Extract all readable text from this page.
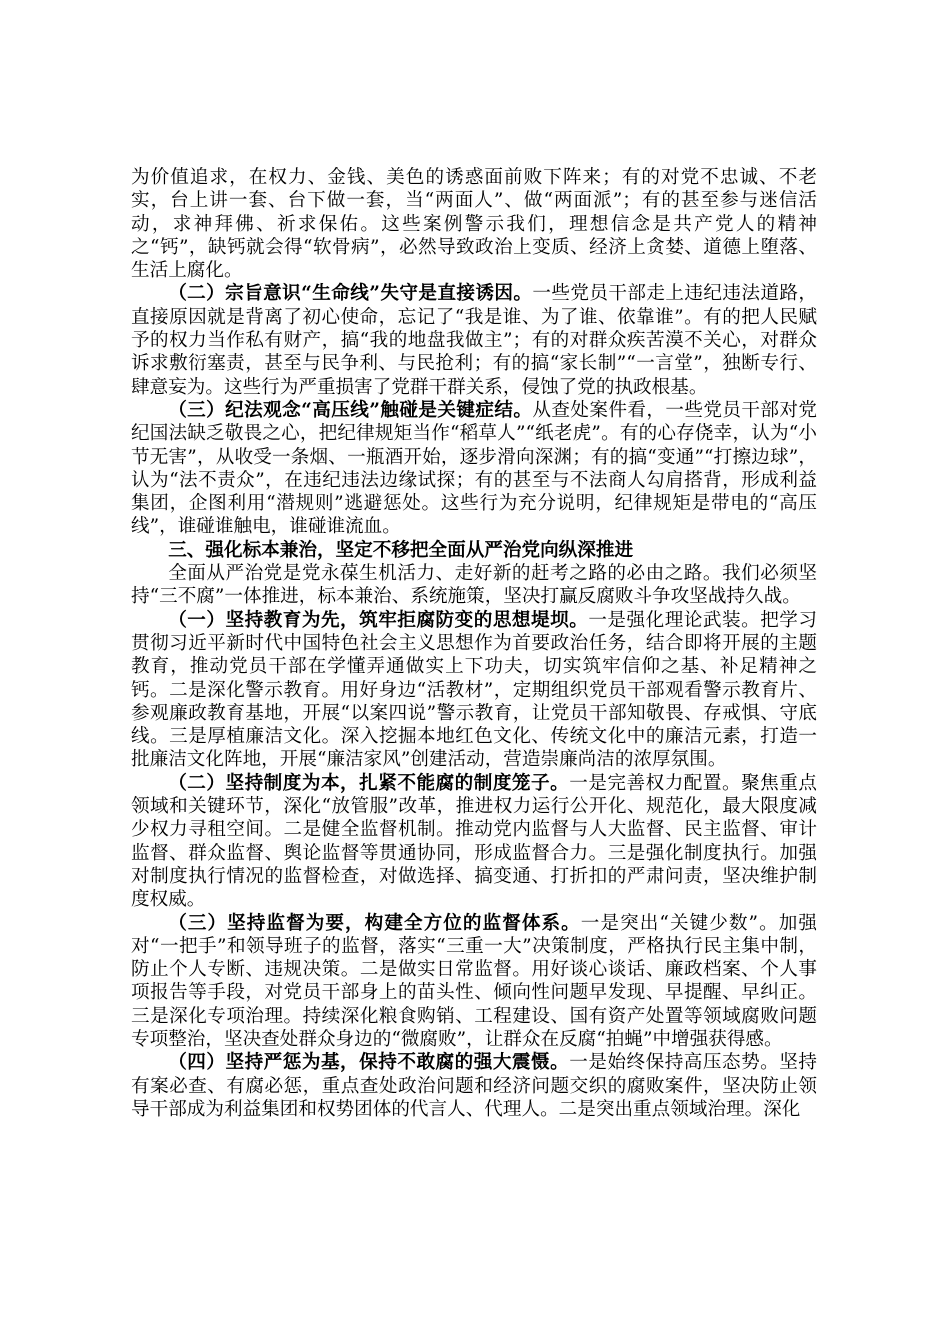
为价值追求，在权力、金钱、美色的诱惑面前败下阵来；有的对党不忠诚、不老实，台上讲一套、台下做一套，当“两面人”、做“两面派”；有的甚至参与迷信活动，求神拜佛、祈求保佑。这些案例警示我们，理想信念是共产党人的精神之“钙”，缺钙就会得“软骨病”，必然导致政治上变质、经济上贪婪、道德上堕落、生活上腐化。

（二）宗旨意识“生命线”失守是直接诱因。一些党员干部走上违纪违法道路，直接原因就是背离了初心使命，忘记了“我是谁、为了谁、依靠谁”。有的把人民赋予的权力当作私有财产，搞“我的地盘我做主”；有的对群众疾苦漠不关心，对群众诉求敷衍塞责，甚至与民争利、与民抢利；有的搞“家长制”“一言堂”，独断专行、肆意妄为。这些行为严重损害了党群干群关系，侵蚀了党的执政根基。

（三）纪法观念“高压线”触碰是关键症结。从查处案件看，一些党员干部对党纪国法缺乏敬畏之心，把纪律规矩当作“稻草人”“纸老虎”。有的心存侥幸，认为“小节无害”，从收受一条烟、一瓶酒开始，逐步滑向深渊；有的搞“变通”“打擦边球”，认为“法不责众”，在违纪违法边缘试探；有的甚至与不法商人勾肩搭背，形成利益集团，企图利用“潜规则”逃避惩处。这些行为充分说明，纪律规矩是带电的“高压线”，谁碰谁触电，谁碰谁流血。

三、强化标本兼治，坚定不移把全面从严治党向纵深推进

全面从严治党是党永葆生机活力、走好新的赶考之路的必由之路。我们必须坚持“三不腐”一体推进，标本兼治、系统施策，坚决打赢反腐败斗争攻坚战持久战。

（一）坚持教育为先，筑牢拒腐防变的思想堤坝。一是强化理论武装。把学习贯彻习近平新时代中国特色社会主义思想作为首要政治任务，结合即将开展的主题教育，推动党员干部在学懂弄通做实上下功夫，切实筑牢信仰之基、补足精神之钙。二是深化警示教育。用好身边“活教材”，定期组织党员干部观看警示教育片、参观廉政教育基地，开展“以案四说”警示教育，让党员干部知敬畏、存戒惧、守底线。三是厚植廉洁文化。深入挖掘本地红色文化、传统文化中的廉洁元素，打造一批廉洁文化阵地，开展“廉洁家风”创建活动，营造崇廉尚洁的浓厚氛围。

（二）坚持制度为本，扎紧不能腐的制度笼子。一是完善权力配置。聚焦重点领域和关键环节，深化“放管服”改革，推进权力运行公开化、规范化，最大限度减少权力寻租空间。二是健全监督机制。推动党内监督与人大监督、民主监督、审计监督、群众监督、舆论监督等贯通协同，形成监督合力。三是强化制度执行。加强对制度执行情况的监督检查，对做选择、搞变通、打折扣的严肃问责，坚决维护制度权威。

（三）坚持监督为要，构建全方位的监督体系。一是突出“关键少数”。加强对“一把手”和领导班子的监督，落实“三重一大”决策制度，严格执行民主集中制，防止个人专断、违规决策。二是做实日常监督。用好谈心谈话、廉政档案、个人事项报告等手段，对党员干部身上的苗头性、倾向性问题早发现、早提醒、早纠正。三是深化专项治理。持续深化粮食购销、工程建设、国有资产处置等领域腐败问题专项整治，坚决查处群众身边的“微腐败”，让群众在反腐“拍蝇”中增强获得感。

（四）坚持严惩为基，保持不敢腐的强大震慑。一是始终保持高压态势。坚持有案必查、有腐必惩，重点查处政治问题和经济问题交织的腐败案件，坚决防止领导干部成为利益集团和权势团体的代言人、代理人。二是突出重点领域治理。深化
